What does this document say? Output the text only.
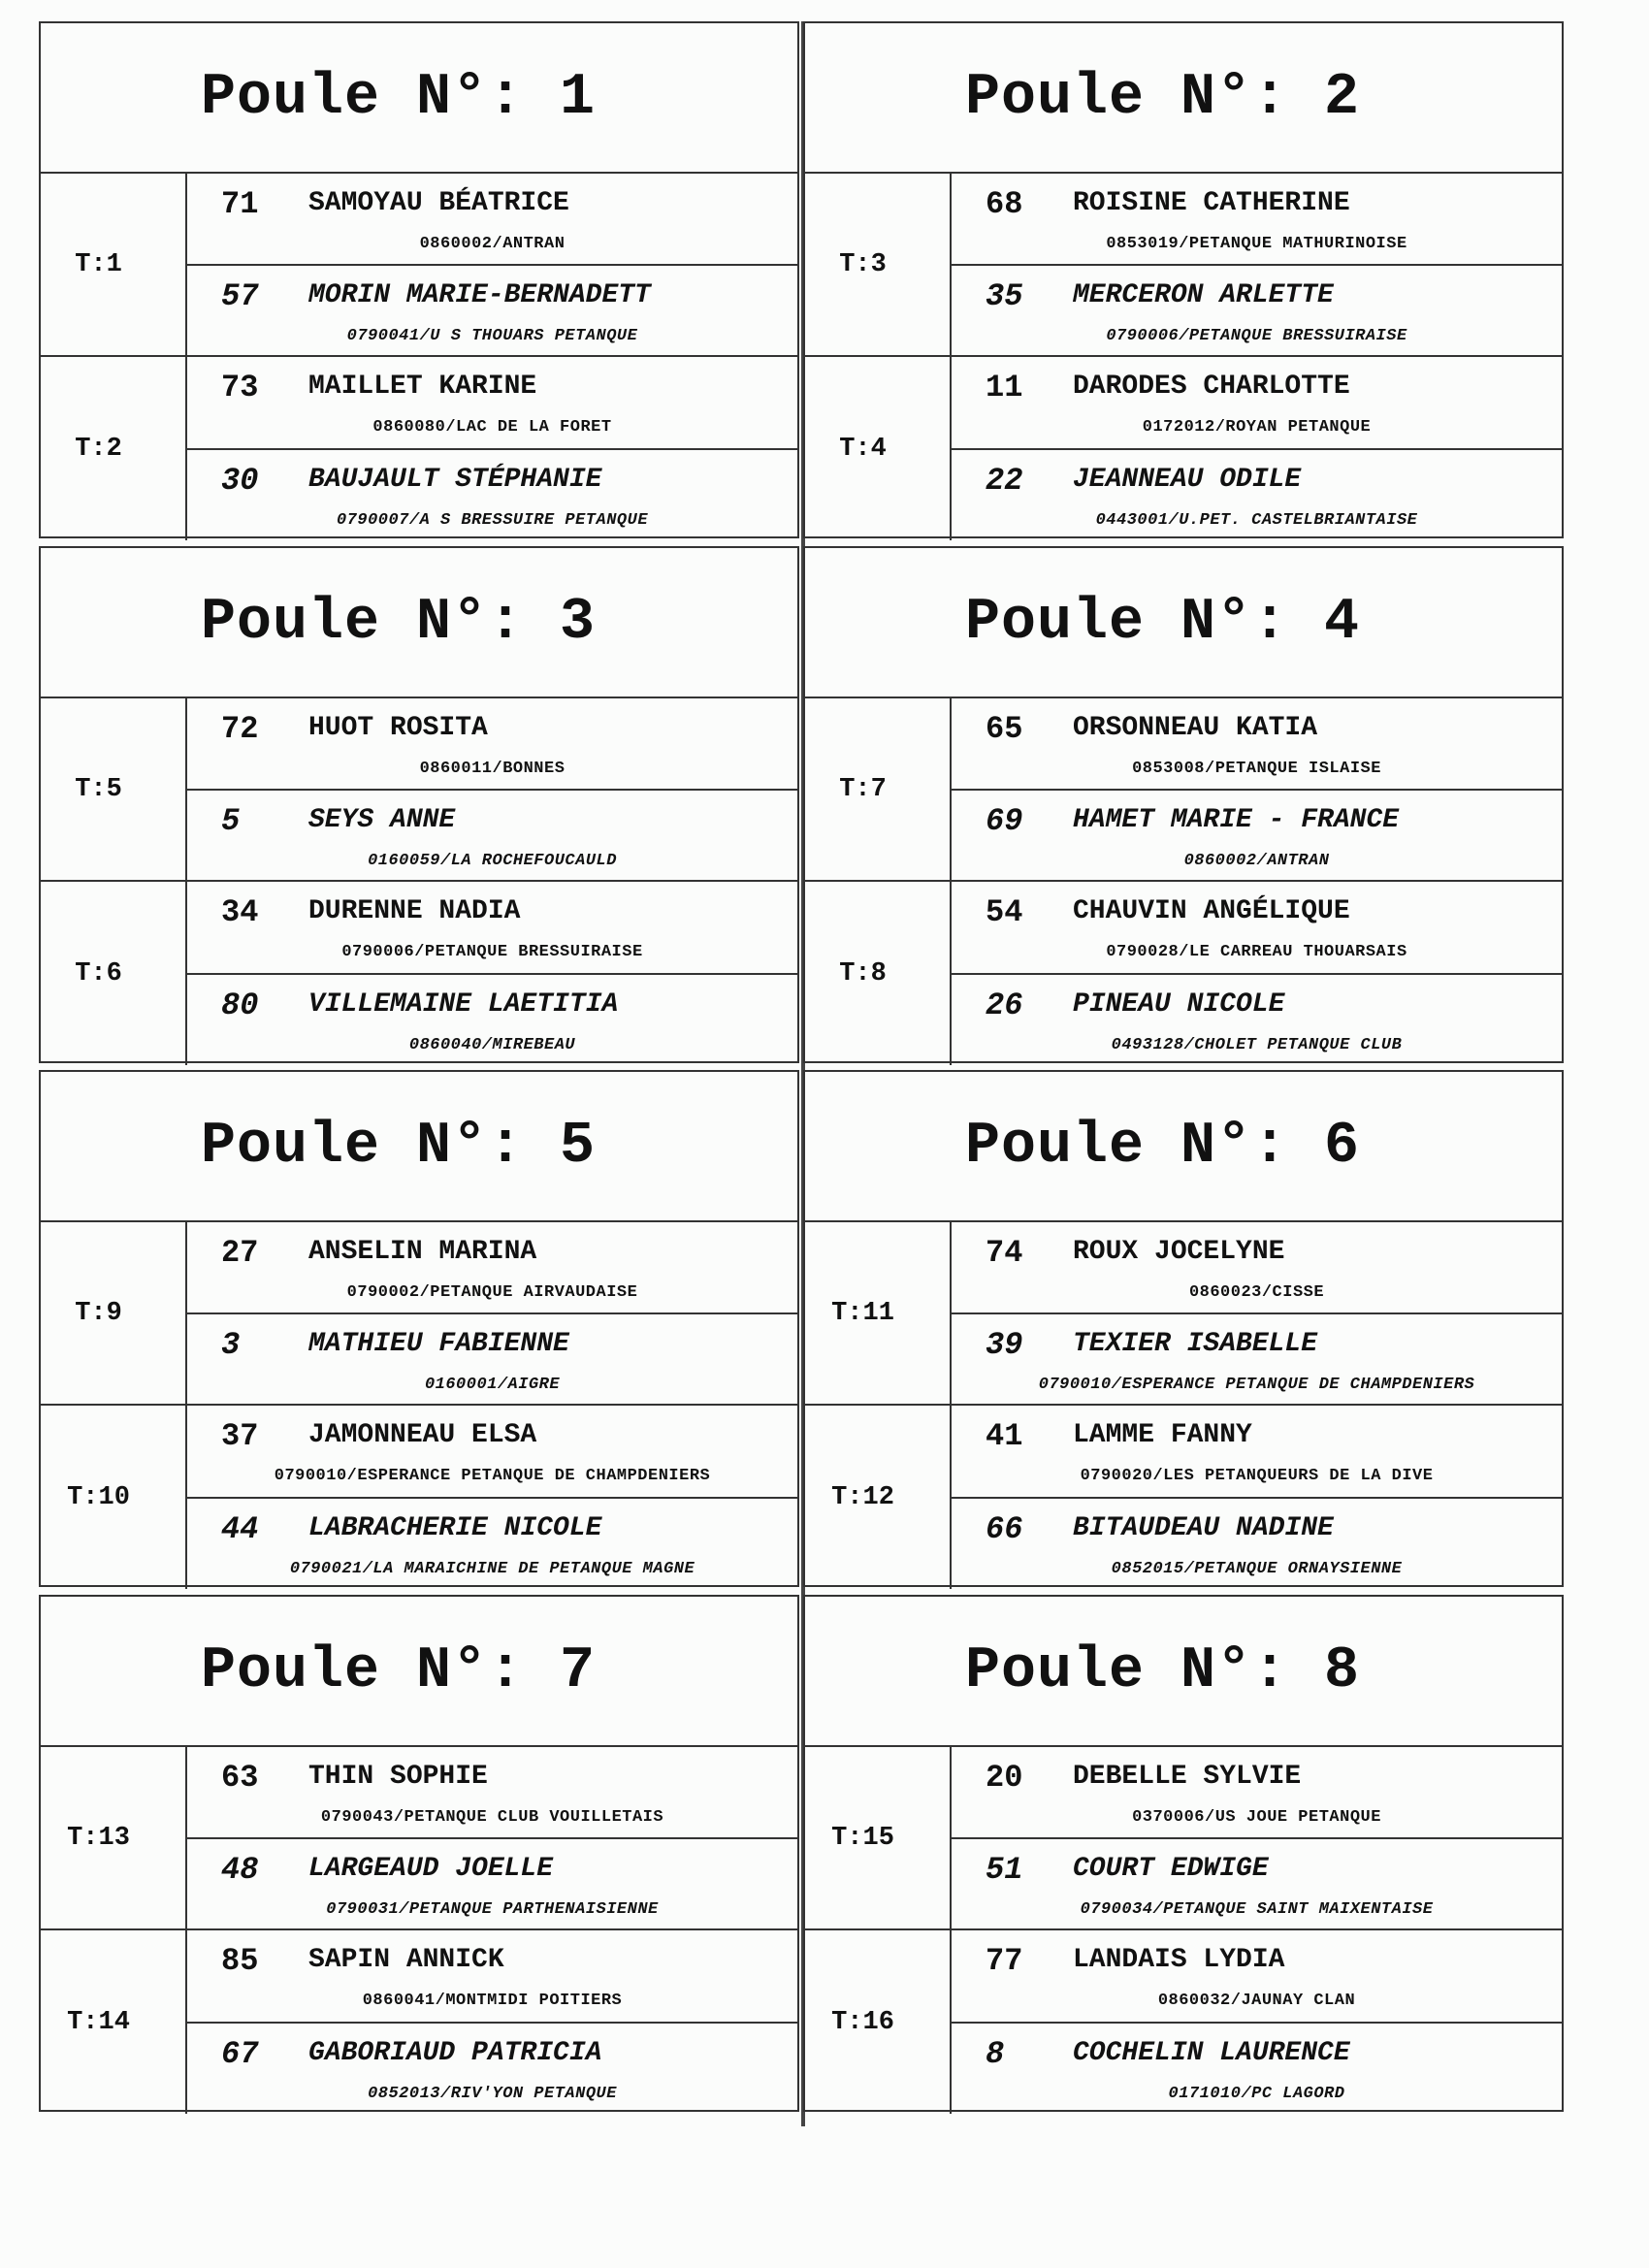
Poule N°: 1
T:1
71	SAMOYAU BÉATRICE
0860002/ANTRAN
57	MORIN MARIE-BERNADETT
0790041/U S THOUARS PETANQUE
T:2
73	MAILLET KARINE
0860080/LAC DE LA FORET
30	BAUJAULT STÉPHANIE
0790007/A S BRESSUIRE PETANQUE
Poule N°: 2
T:3
68	ROISINE CATHERINE
0853019/PETANQUE MATHURINOISE
35	MERCERON ARLETTE
0790006/PETANQUE BRESSUIRAISE
T:4
11	DARODES CHARLOTTE
0172012/ROYAN PETANQUE
22	JEANNEAU ODILE
0443001/U.PET. CASTELBRIANTAISE
Poule N°: 3
T:5
72	HUOT ROSITA
0860011/BONNES
5	SEYS ANNE
0160059/LA ROCHEFOUCAULD
T:6
34	DURENNE NADIA
0790006/PETANQUE BRESSUIRAISE
80	VILLEMAINE LAETITIA
0860040/MIREBEAU
Poule N°: 4
T:7
65	ORSONNEAU KATIA
0853008/PETANQUE ISLAISE
69	HAMET MARIE - FRANCE
0860002/ANTRAN
T:8
54	CHAUVIN ANGÉLIQUE
0790028/LE CARREAU THOUARSAIS
26	PINEAU NICOLE
0493128/CHOLET PETANQUE CLUB
Poule N°: 5
T:9
27	ANSELIN MARINA
0790002/PETANQUE AIRVAUDAISE
3	MATHIEU FABIENNE
0160001/AIGRE
T:10
37	JAMONNEAU ELSA
0790010/ESPERANCE PETANQUE DE CHAMPDENIERS
44	LABRACHERIE NICOLE
0790021/LA MARAICHINE DE PETANQUE MAGNE
Poule N°: 6
T:11
74	ROUX JOCELYNE
0860023/CISSE
39	TEXIER ISABELLE
0790010/ESPERANCE PETANQUE DE CHAMPDENIERS
T:12
41	LAMME FANNY
0790020/LES PETANQUEURS DE LA DIVE
66	BITAUDEAU NADINE
0852015/PETANQUE ORNAYSIENNE
Poule N°: 7
T:13
63	THIN SOPHIE
0790043/PETANQUE CLUB VOUILLETAIS
48	LARGEAUD JOELLE
0790031/PETANQUE PARTHENAISIENNE
T:14
85	SAPIN ANNICK
0860041/MONTMIDI POITIERS
67	GABORIAUD PATRICIA
0852013/RIV'YON PETANQUE
Poule N°: 8
T:15
20	DEBELLE SYLVIE
0370006/US JOUE PETANQUE
51	COURT EDWIGE
0790034/PETANQUE SAINT MAIXENTAISE
T:16
77	LANDAIS LYDIA
0860032/JAUNAY CLAN
8	COCHELIN LAURENCE
0171010/PC LAGORD
